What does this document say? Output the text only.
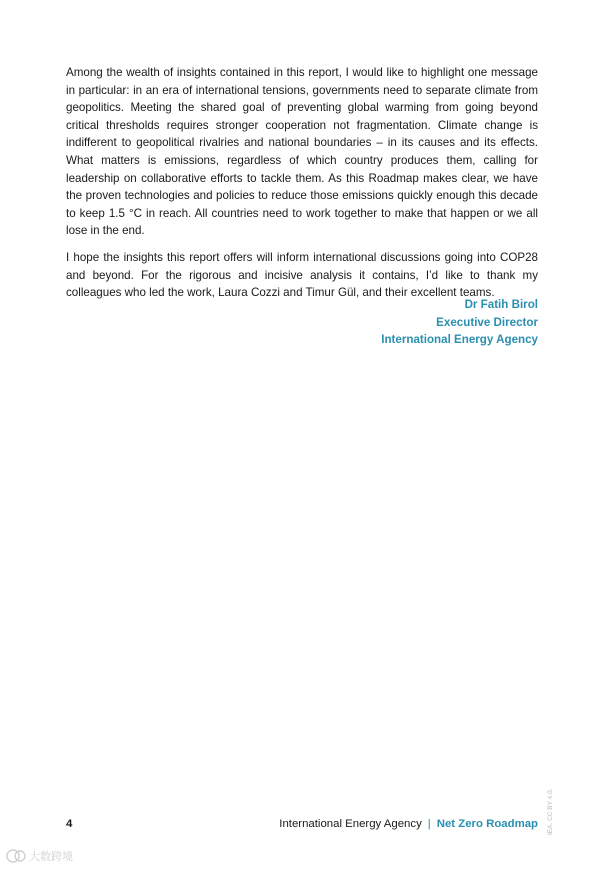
Among the wealth of insights contained in this report, I would like to highlight one message in particular: in an era of international tensions, governments need to separate climate from geopolitics. Meeting the shared goal of preventing global warming from going beyond critical thresholds requires stronger cooperation not fragmentation. Climate change is indifferent to geopolitical rivalries and national boundaries – in its causes and its effects. What matters is emissions, regardless of which country produces them, calling for leadership on collaborative efforts to tackle them. As this Roadmap makes clear, we have the proven technologies and policies to reduce those emissions quickly enough this decade to keep 1.5 °C in reach. All countries need to work together to make that happen or we all lose in the end.

I hope the insights this report offers will inform international discussions going into COP28 and beyond. For the rigorous and incisive analysis it contains, I’d like to thank my colleagues who led the work, Laura Cozzi and Timur Gül, and their excellent teams.

Dr Fatih Birol
Executive Director
International Energy Agency
4	International Energy Agency | Net Zero Roadmap IEA. CC BY 4.0.
大数跨境
